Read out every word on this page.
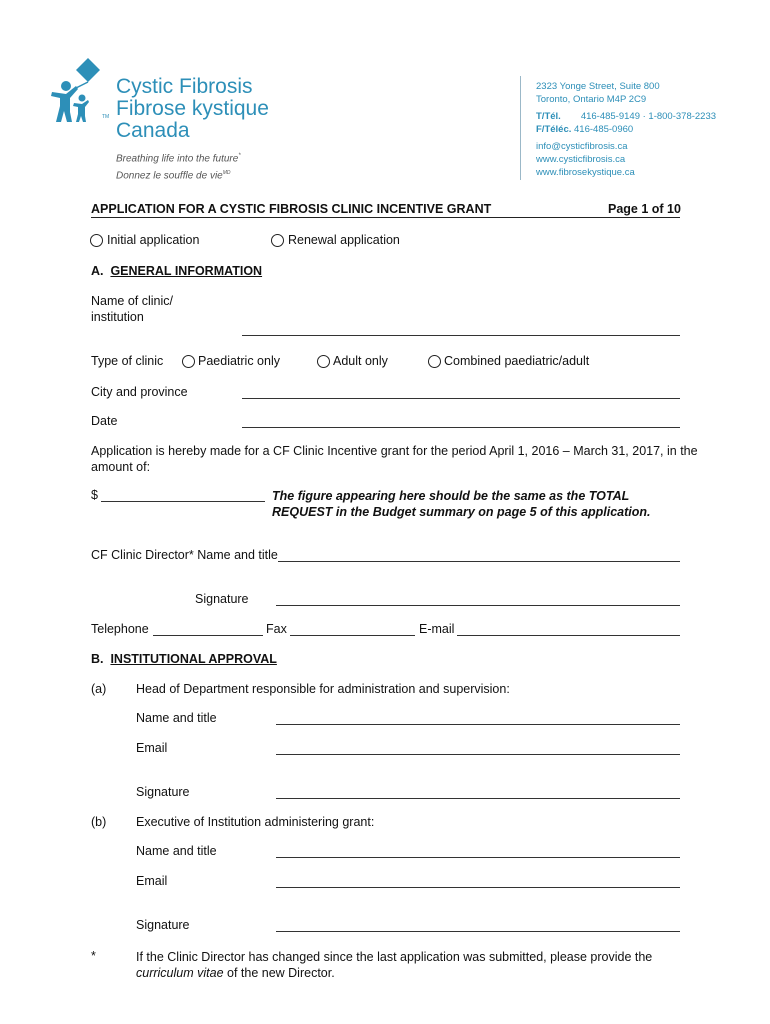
Cystic Fibrosis
Fibrose kystique
Canada
TM
Breathing life into the future*
Donnez le souffle de vie$^{MD}$
2323 Yonge Street, Suite 800
Toronto, Ontario M4P 2C9
T/Tél. 416-485-9149 · 1-800-378-2233
F/Téléc. 416-485-0960
info@cysticfibrosis.ca
www.cysticfibrosis.ca
www.fibrosekystique.ca
APPLICATION FOR A CYSTIC FIBROSIS CLINIC INCENTIVE GRANT	Page 1 of 10
Initial application	Renewal application
A. GENERAL INFORMATION
Name of clinic/
institution
Type of clinic	Paediatric only	Adult only	Combined paediatric/adult
City and province
Date
Application is hereby made for a CF Clinic Incentive grant for the period April 1, 2016 – March 31, 2017, in the
amount of:
$	The figure appearing here should be the same as the TOTAL
REQUEST in the Budget summary on page 5 of this application.
CF Clinic Director* Name and title
Signature
Telephone	Fax	E-mail
B. INSTITUTIONAL APPROVAL
(a) Head of Department responsible for administration and supervision:
Name and title
Email
Signature
(b) Executive of Institution administering grant:
Name and title
Email
Signature
*	If the Clinic Director has changed since the last application was submitted, please provide the
curriculum vitae of the new Director.
